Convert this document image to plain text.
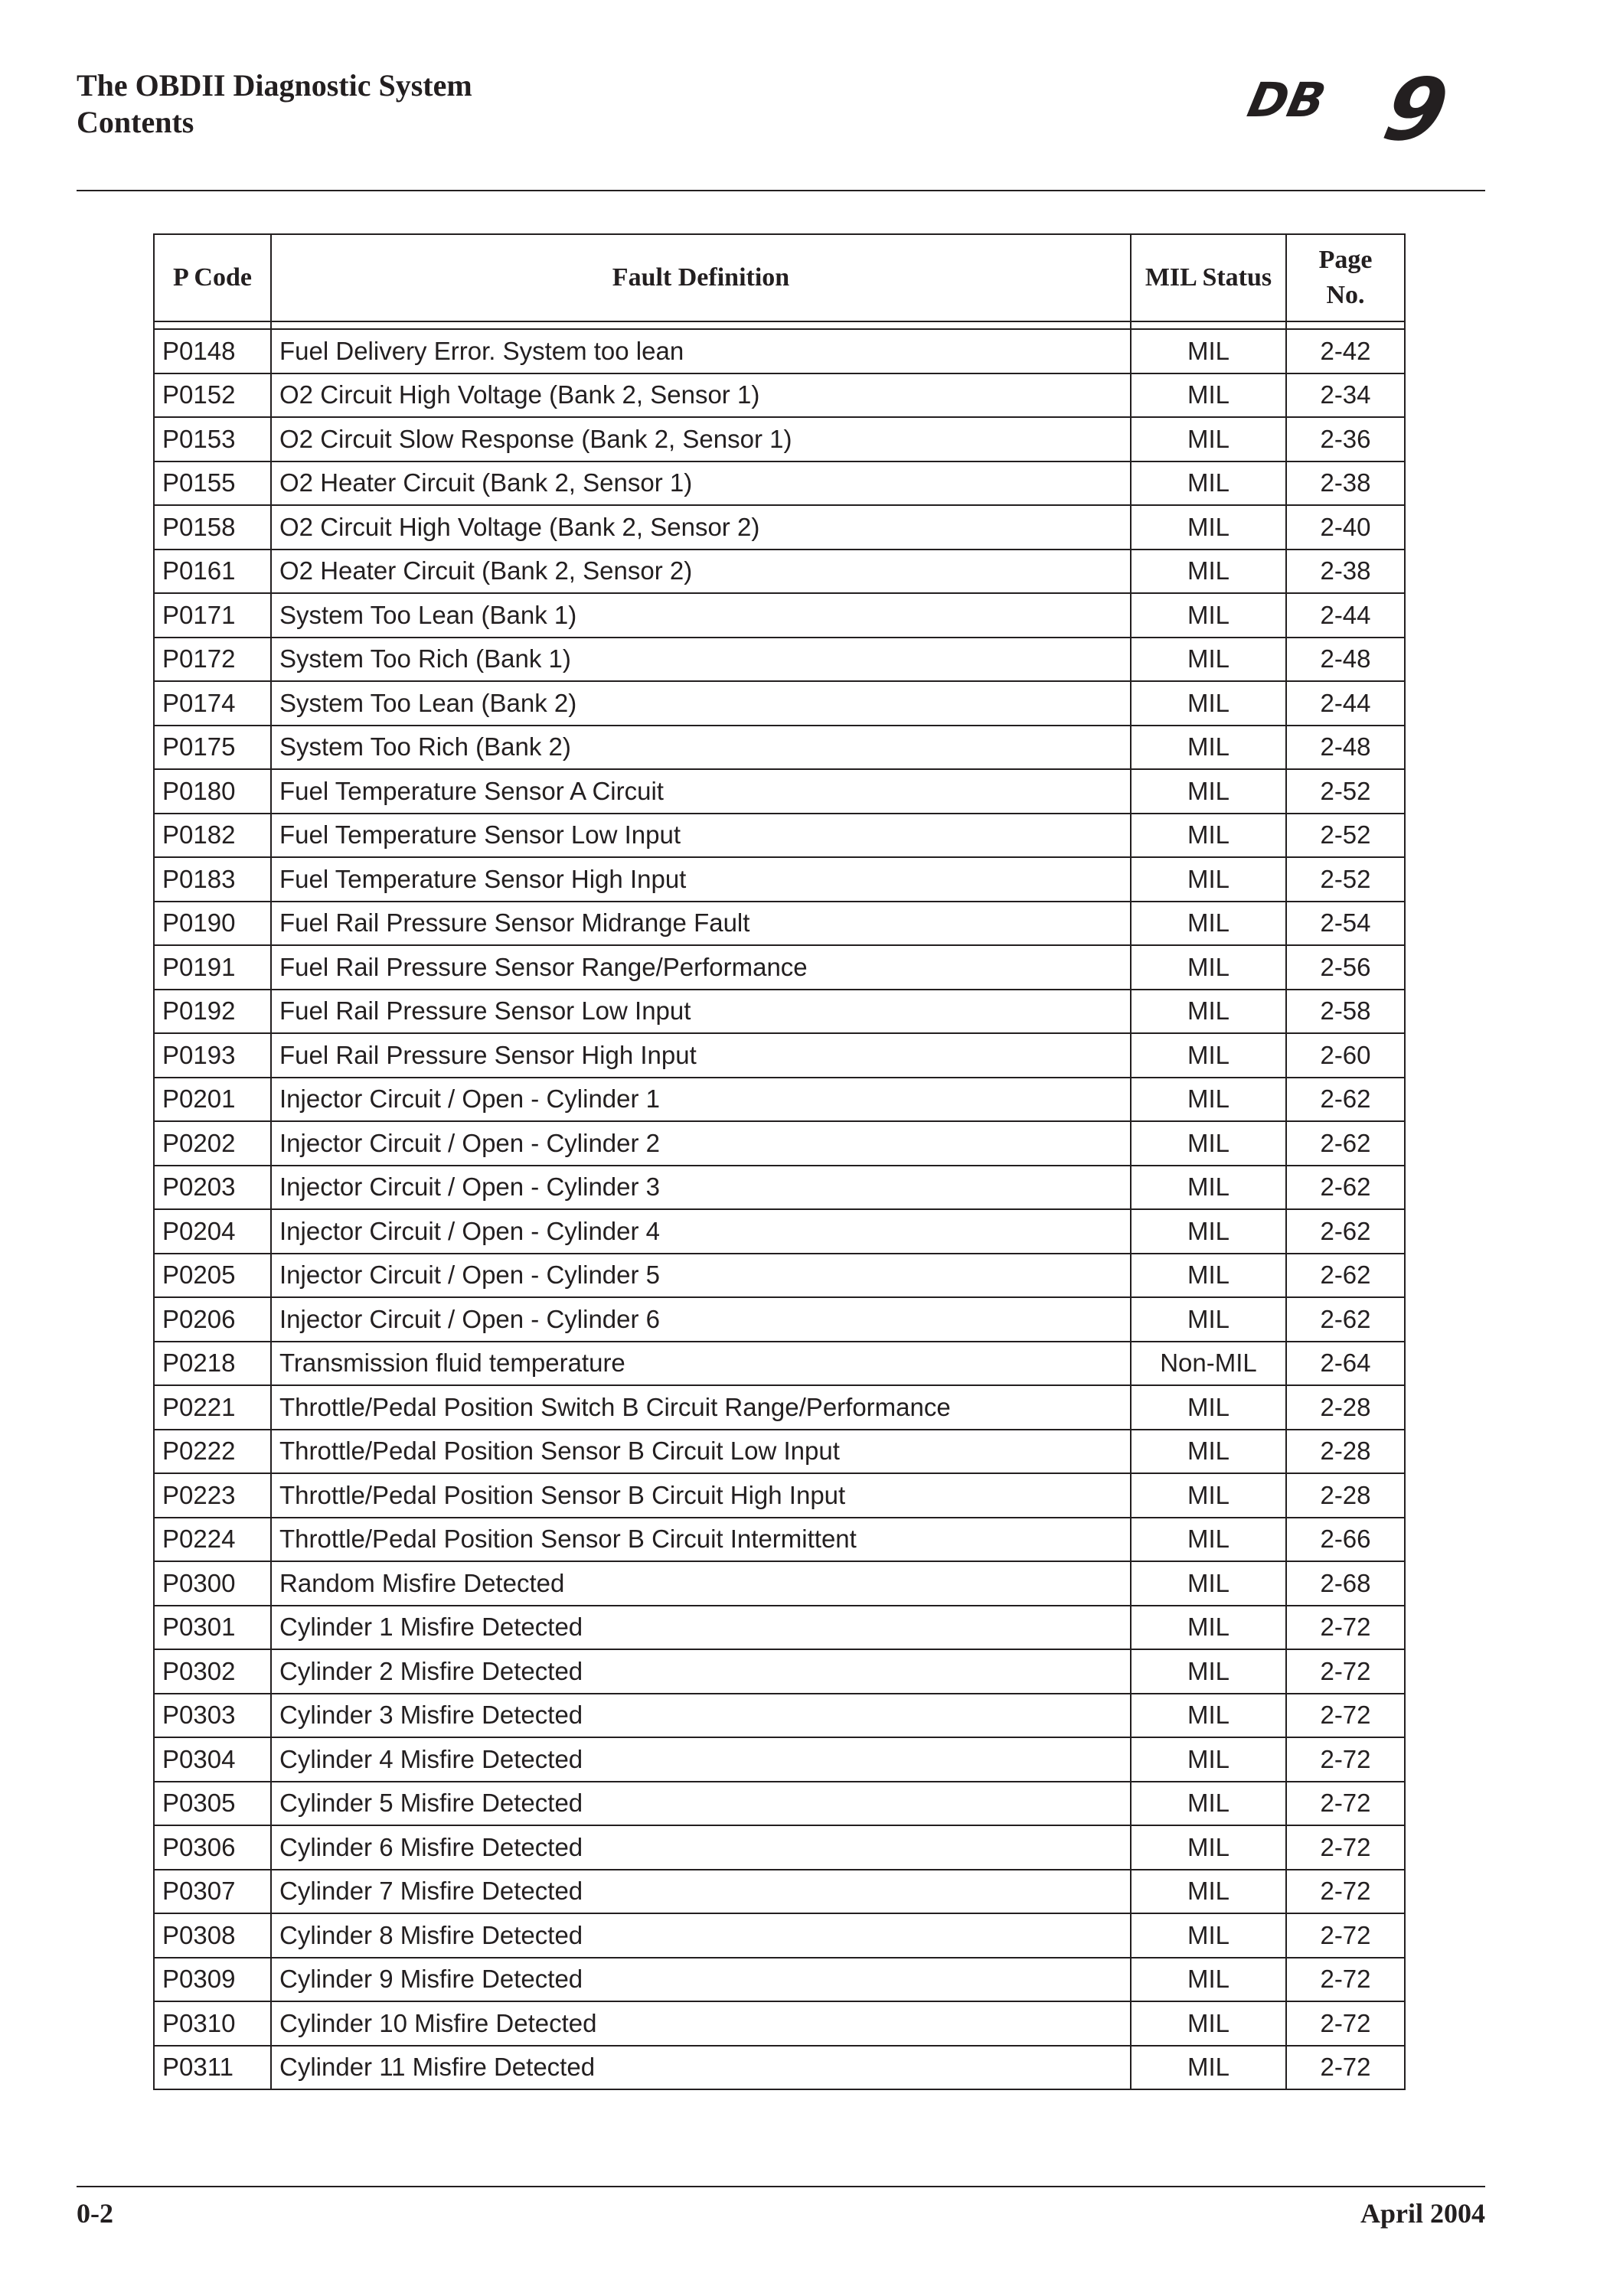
The OBDII Diagnostic System

Contents	DB 9
P Code	Fault Definition	MIL Status	Page No.

P0148	Fuel Delivery Error. System too lean	MIL	2-42
P0152	O2 Circuit High Voltage (Bank 2, Sensor 1)	MIL	2-34
P0153	O2 Circuit Slow Response (Bank 2, Sensor 1)	MIL	2-36
P0155	O2 Heater Circuit (Bank 2, Sensor 1)	MIL	2-38
P0158	O2 Circuit High Voltage (Bank 2, Sensor 2)	MIL	2-40
P0161	O2 Heater Circuit (Bank 2, Sensor 2)	MIL	2-38
P0171	System Too Lean (Bank 1)	MIL	2-44
P0172	System Too Rich (Bank 1)	MIL	2-48
P0174	System Too Lean (Bank 2)	MIL	2-44
P0175	System Too Rich (Bank 2)	MIL	2-48
P0180	Fuel Temperature Sensor A Circuit	MIL	2-52
P0182	Fuel Temperature Sensor Low Input	MIL	2-52
P0183	Fuel Temperature Sensor High Input	MIL	2-52
P0190	Fuel Rail Pressure Sensor Midrange Fault	MIL	2-54
P0191	Fuel Rail Pressure Sensor Range/Performance	MIL	2-56
P0192	Fuel Rail Pressure Sensor Low Input	MIL	2-58
P0193	Fuel Rail Pressure Sensor High Input	MIL	2-60
P0201	Injector Circuit / Open - Cylinder 1	MIL	2-62
P0202	Injector Circuit / Open - Cylinder 2	MIL	2-62
P0203	Injector Circuit / Open - Cylinder 3	MIL	2-62
P0204	Injector Circuit / Open - Cylinder 4	MIL	2-62
P0205	Injector Circuit / Open - Cylinder 5	MIL	2-62
P0206	Injector Circuit / Open - Cylinder 6	MIL	2-62
P0218	Transmission fluid temperature	Non-MIL	2-64
P0221	Throttle/Pedal Position Switch B Circuit Range/Performance	MIL	2-28
P0222	Throttle/Pedal Position Sensor B Circuit Low Input	MIL	2-28
P0223	Throttle/Pedal Position Sensor B Circuit High Input	MIL	2-28
P0224	Throttle/Pedal Position Sensor B Circuit Intermittent	MIL	2-66
P0300	Random Misfire Detected	MIL	2-68
P0301	Cylinder 1 Misfire Detected	MIL	2-72
P0302	Cylinder 2 Misfire Detected	MIL	2-72
P0303	Cylinder 3 Misfire Detected	MIL	2-72
P0304	Cylinder 4 Misfire Detected	MIL	2-72
P0305	Cylinder 5 Misfire Detected	MIL	2-72
P0306	Cylinder 6 Misfire Detected	MIL	2-72
P0307	Cylinder 7 Misfire Detected	MIL	2-72
P0308	Cylinder 8 Misfire Detected	MIL	2-72
P0309	Cylinder 9 Misfire Detected	MIL	2-72
P0310	Cylinder 10 Misfire Detected	MIL	2-72
P0311	Cylinder 11 Misfire Detected	MIL	2-72
0-2	April 2004
